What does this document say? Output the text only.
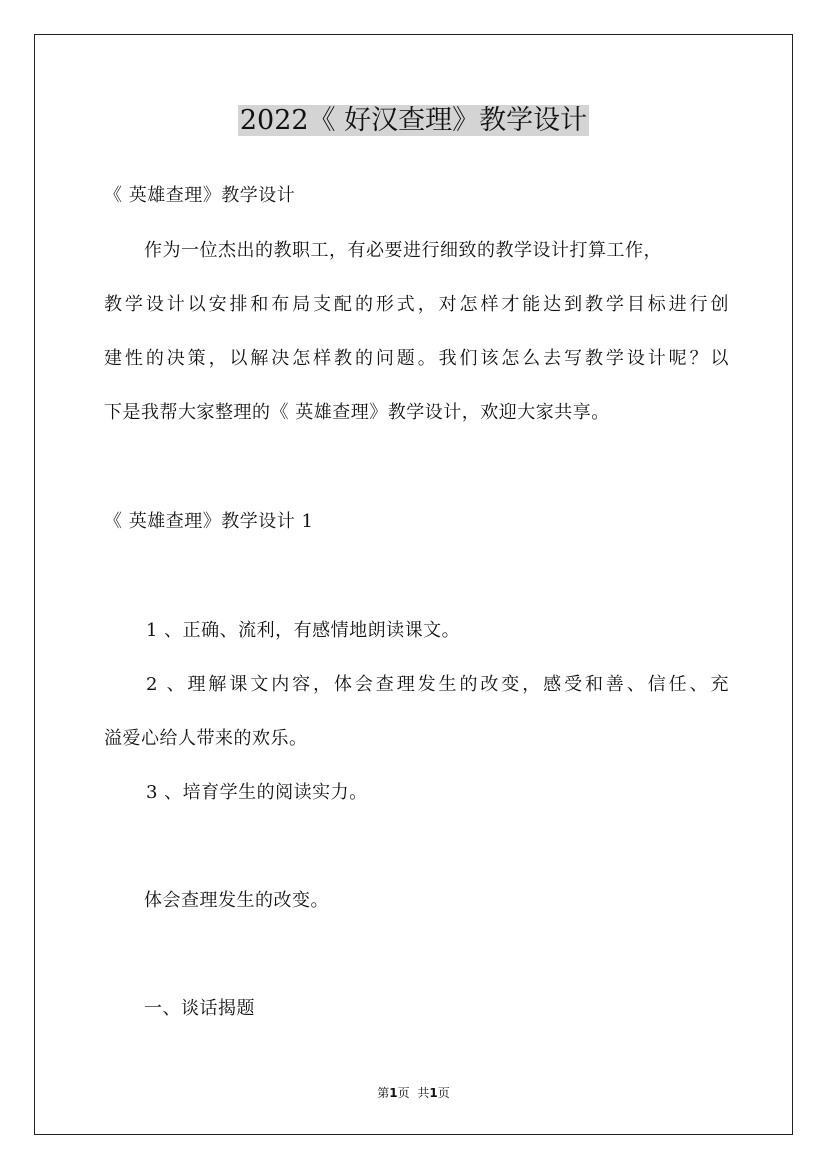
2022《 好汉查理》教学设计
《 英雄查理》教学设计
作为一位杰出的教职工，有必要进行细致的教学设计打算工作，
教学设计以安排和布局支配的形式，对怎样才能达到教学目标进行创
建性的决策，以解决怎样教的问题。我们该怎么去写教学设计呢？以
下是我帮大家整理的《 英雄查理》教学设计，欢迎大家共享。
《 英雄查理》教学设计 1
1 、正确、流利，有感情地朗读课文。
2 、理解课文内容，体会查理发生的改变，感受和善、信任、充
溢爱心给人带来的欢乐。
3 、培育学生的阅读实力。
体会查理发生的改变。
一、谈话揭题
第1页 共1页
